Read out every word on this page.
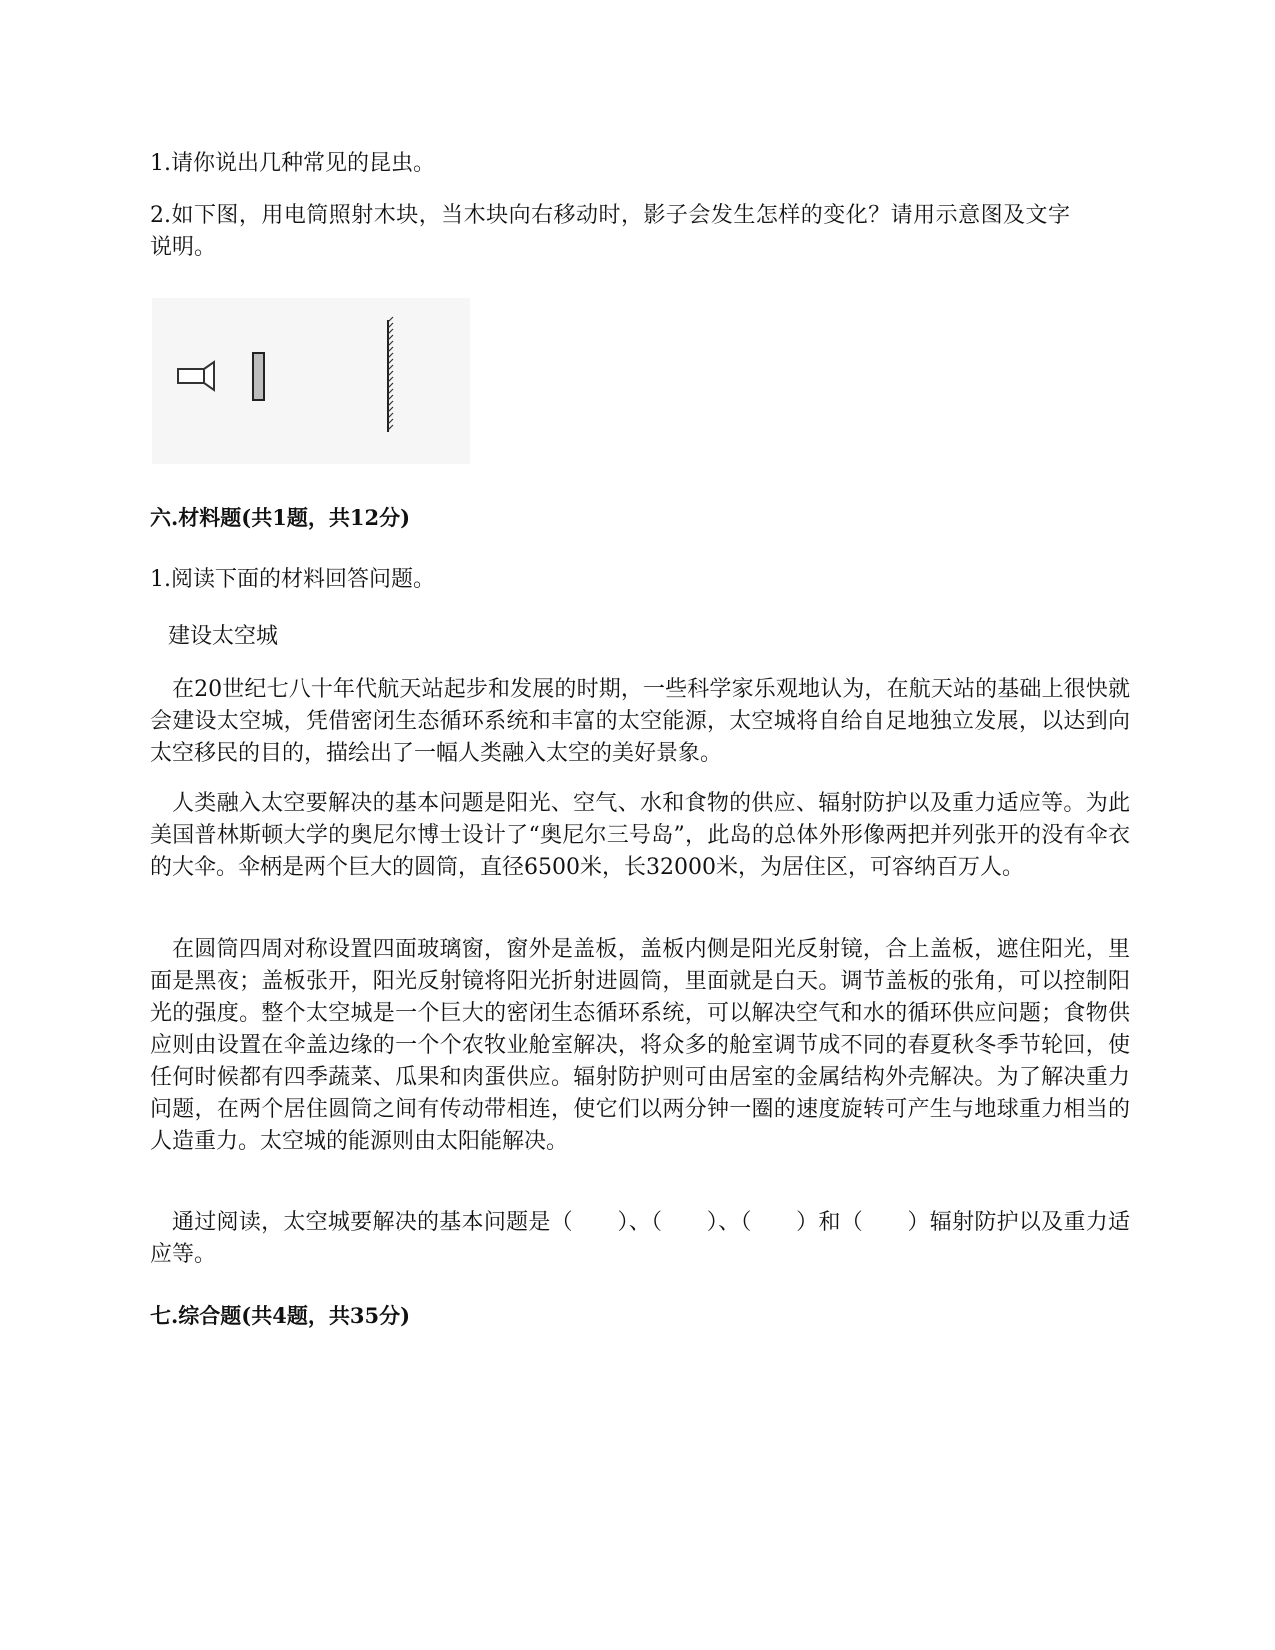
1.请你说出几种常见的昆虫。
2.如下图，用电筒照射木块，当木块向右移动时，影子会发生怎样的变化？请用示意图及文字说明。
六.材料题(共1题，共12分)
1.阅读下面的材料回答问题。
建设太空城
在20世纪七八十年代航天站起步和发展的时期，一些科学家乐观地认为，在航天站的基础上很快就会建设太空城，凭借密闭生态循环系统和丰富的太空能源，太空城将自给自足地独立发展，以达到向太空移民的目的，描绘出了一幅人类融入太空的美好景象。
人类融入太空要解决的基本问题是阳光、空气、水和食物的供应、辐射防护以及重力适应等。为此美国普林斯顿大学的奥尼尔博士设计了“奥尼尔三号岛”，此岛的总体外形像两把并列张开的没有伞衣的大伞。伞柄是两个巨大的圆筒，直径6500米，长32000米，为居住区，可容纳百万人。
在圆筒四周对称设置四面玻璃窗，窗外是盖板，盖板内侧是阳光反射镜，合上盖板，遮住阳光，里面是黑夜；盖板张开，阳光反射镜将阳光折射进圆筒，里面就是白天。调节盖板的张角，可以控制阳光的强度。整个太空城是一个巨大的密闭生态循环系统，可以解决空气和水的循环供应问题；食物供应则由设置在伞盖边缘的一个个农牧业舱室解决，将众多的舱室调节成不同的春夏秋冬季节轮回，使任何时候都有四季蔬菜、瓜果和肉蛋供应。辐射防护则可由居室的金属结构外壳解决。为了解决重力问题，在两个居住圆筒之间有传动带相连，使它们以两分钟一圈的速度旋转可产生与地球重力相当的人造重力。太空城的能源则由太阳能解决。
通过阅读，太空城要解决的基本问题是（　　）、（　　）、（　　）和（　　）辐射防护以及重力适应等。
七.综合题(共4题，共35分)
